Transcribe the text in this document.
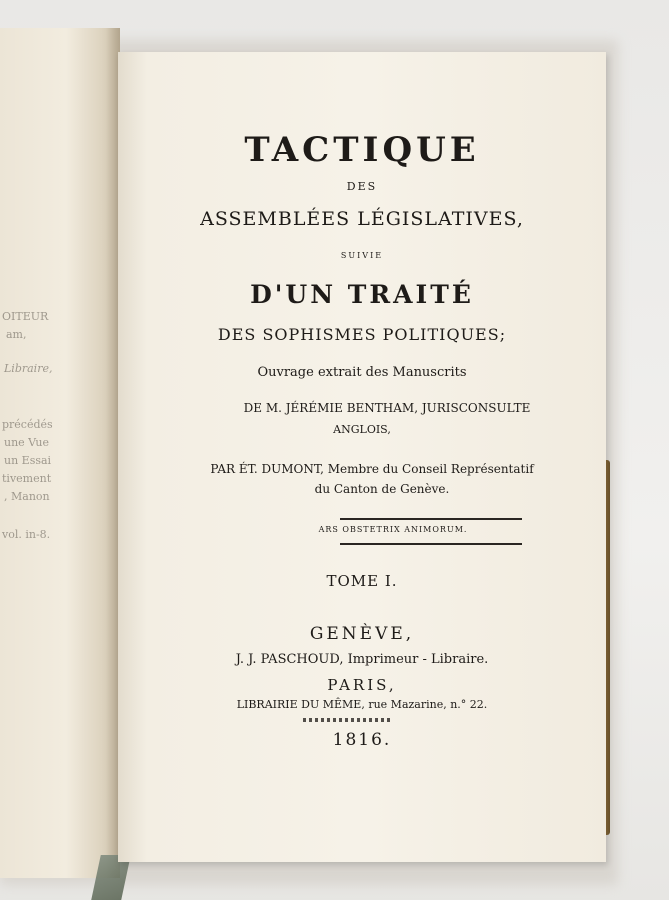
OITEUR
am,
Libraire,
précédés
une Vue
un Essai
tivement
, Manon
vol. in-8.
TACTIQUE
DES
ASSEMBLÉES LÉGISLATIVES,
SUIVIE
D'UN TRAITÉ
DES SOPHISMES POLITIQUES;
Ouvrage extrait des Manuscrits
DE M. JÉRÉMIE BENTHAM, JURISCONSULTE
ANGLOIS,
PAR ÉT. DUMONT, Membre du Conseil Représentatif
du Canton de Genève.
ARS OBSTETRIX ANIMORUM.
TOME I.
GENÈVE,
J. J. PASCHOUD, Imprimeur - Libraire.
PARIS,
LIBRAIRIE DU MÊME, rue Mazarine, n.° 22.
1816.
